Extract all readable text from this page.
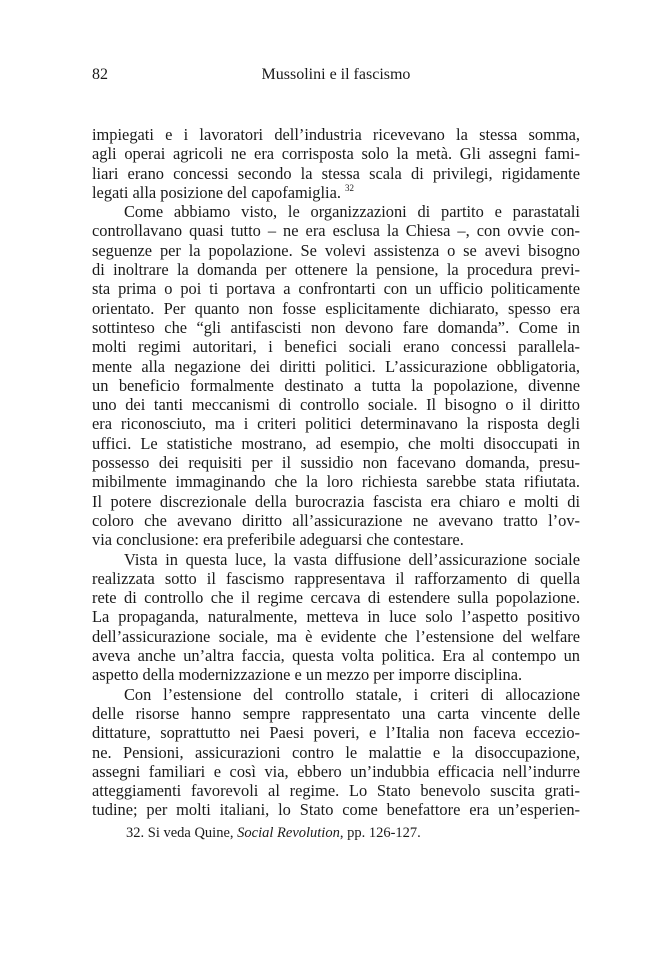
82	Mussolini e il fascismo
impiegati e i lavoratori dell’industria ricevevano la stessa somma,
agli operai agricoli ne era corrisposta solo la metà. Gli assegni fami-
liari erano concessi secondo la stessa scala di privilegi, rigidamente
legati alla posizione del capofamiglia. $^{32}$
Come abbiamo visto, le organizzazioni di partito e parastatali
controllavano quasi tutto – ne era esclusa la Chiesa –, con ovvie con-
seguenze per la popolazione. Se volevi assistenza o se avevi bisogno
di inoltrare la domanda per ottenere la pensione, la procedura previ-
sta prima o poi ti portava a confrontarti con un ufficio politicamente
orientato. Per quanto non fosse esplicitamente dichiarato, spesso era
sottinteso che “gli antifascisti non devono fare domanda”. Come in
molti regimi autoritari, i benefici sociali erano concessi parallela-
mente alla negazione dei diritti politici. L’assicurazione obbligatoria,
un beneficio formalmente destinato a tutta la popolazione, divenne
uno dei tanti meccanismi di controllo sociale. Il bisogno o il diritto
era riconosciuto, ma i criteri politici determinavano la risposta degli
uffici. Le statistiche mostrano, ad esempio, che molti disoccupati in
possesso dei requisiti per il sussidio non facevano domanda, presu-
mibilmente immaginando che la loro richiesta sarebbe stata rifiutata.
Il potere discrezionale della burocrazia fascista era chiaro e molti di
coloro che avevano diritto all’assicurazione ne avevano tratto l’ov-
via conclusione: era preferibile adeguarsi che contestare.
Vista in questa luce, la vasta diffusione dell’assicurazione sociale
realizzata sotto il fascismo rappresentava il rafforzamento di quella
rete di controllo che il regime cercava di estendere sulla popolazione.
La propaganda, naturalmente, metteva in luce solo l’aspetto positivo
dell’assicurazione sociale, ma è evidente che l’estensione del welfare
aveva anche un’altra faccia, questa volta politica. Era al contempo un
aspetto della modernizzazione e un mezzo per imporre disciplina.
Con l’estensione del controllo statale, i criteri di allocazione
delle risorse hanno sempre rappresentato una carta vincente delle
dittature, soprattutto nei Paesi poveri, e l’Italia non faceva eccezio-
ne. Pensioni, assicurazioni contro le malattie e la disoccupazione,
assegni familiari e così via, ebbero un’indubbia efficacia nell’indurre
atteggiamenti favorevoli al regime. Lo Stato benevolo suscita grati-
tudine; per molti italiani, lo Stato come benefattore era un’esperien-
32. Si veda Quine, Social Revolution, pp. 126-127.
